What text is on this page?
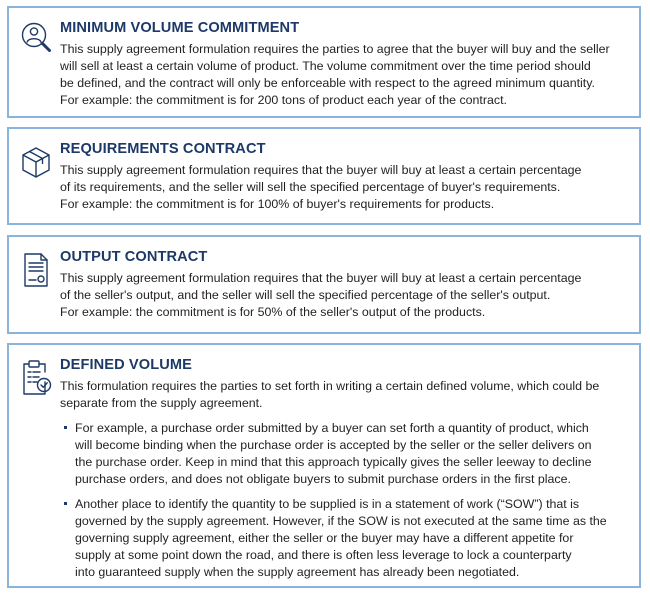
MINIMUM VOLUME COMMITMENT

This supply agreement formulation requires the parties to agree that the buyer will buy and the seller
will sell at least a certain volume of product. The volume commitment over the time period should
be defined, and the contract will only be enforceable with respect to the agreed minimum quantity.
For example: the commitment is for 200 tons of product each year of the contract.

REQUIREMENTS CONTRACT

This supply agreement formulation requires that the buyer will buy at least a certain percentage
of its requirements, and the seller will sell the specified percentage of buyer's requirements.
For example: the commitment is for 100% of buyer's requirements for products.

OUTPUT CONTRACT

This supply agreement formulation requires that the buyer will buy at least a certain percentage
of the seller's output, and the seller will sell the specified percentage of the seller's output.
For example: the commitment is for 50% of the seller's output of the products.

DEFINED VOLUME

This formulation requires the parties to set forth in writing a certain defined volume, which could be
separate from the supply agreement.

For example, a purchase order submitted by a buyer can set forth a quantity of product, which
will become binding when the purchase order is accepted by the seller or the seller delivers on
the purchase order. Keep in mind that this approach typically gives the seller leeway to decline
purchase orders, and does not obligate buyers to submit purchase orders in the first place.
Another place to identify the quantity to be supplied is in a statement of work (“SOW”) that is
governed by the supply agreement. However, if the SOW is not executed at the same time as the
governing supply agreement, either the seller or the buyer may have a different appetite for
supply at some point down the road, and there is often less leverage to lock a counterparty
into guaranteed supply when the supply agreement has already been negotiated.
